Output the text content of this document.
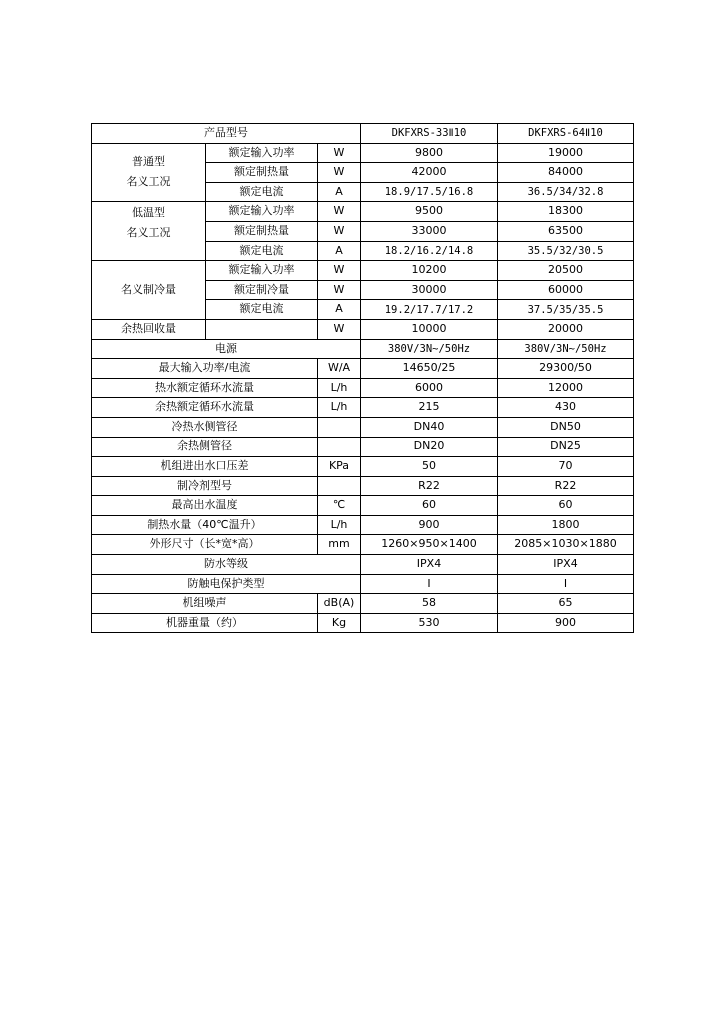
产品型号			DKFXRS-33Ⅱ10	DKFXRS-64Ⅱ10

普通型
名义工况	额定输入功率	W	9800	19000
	额定制热量	W	42000	84000
	额定电流	A	18.9/17.5/16.8	36.5/34/32.8

低温型
名义工况	额定输入功率	W	9500	18300
	额定制热量	W	33000	63500
	额定电流	A	18.2/16.2/14.8	35.5/32/30.5
名义制冷量	额定输入功率	W	10200	20500
	额定制冷量	W	30000	60000
	额定电流	A	19.2/17.7/17.2	37.5/35/35.5
余热回收量		W	10000	20000
电源			380V/3N~/50Hz	380V/3N~/50Hz
最大输入功率/电流		W/A	14650/25	29300/50
热水额定循环水流量		L/h	6000	12000
余热额定循环水流量		L/h	215	430
冷热水侧管径			DN40	DN50
余热侧管径			DN20	DN25
机组进出水口压差		KPa	50	70
制冷剂型号			R22	R22
最高出水温度		℃	60	60
制热水量（40℃温升）		L/h	900	1800
外形尺寸（长*宽*高）		mm	1260×950×1400	2085×1030×1880
防水等级			IPX4	IPX4
防触电保护类型			I	I
机组噪声		dB(A)	58	65
机器重量（约）		Kg	530	900
